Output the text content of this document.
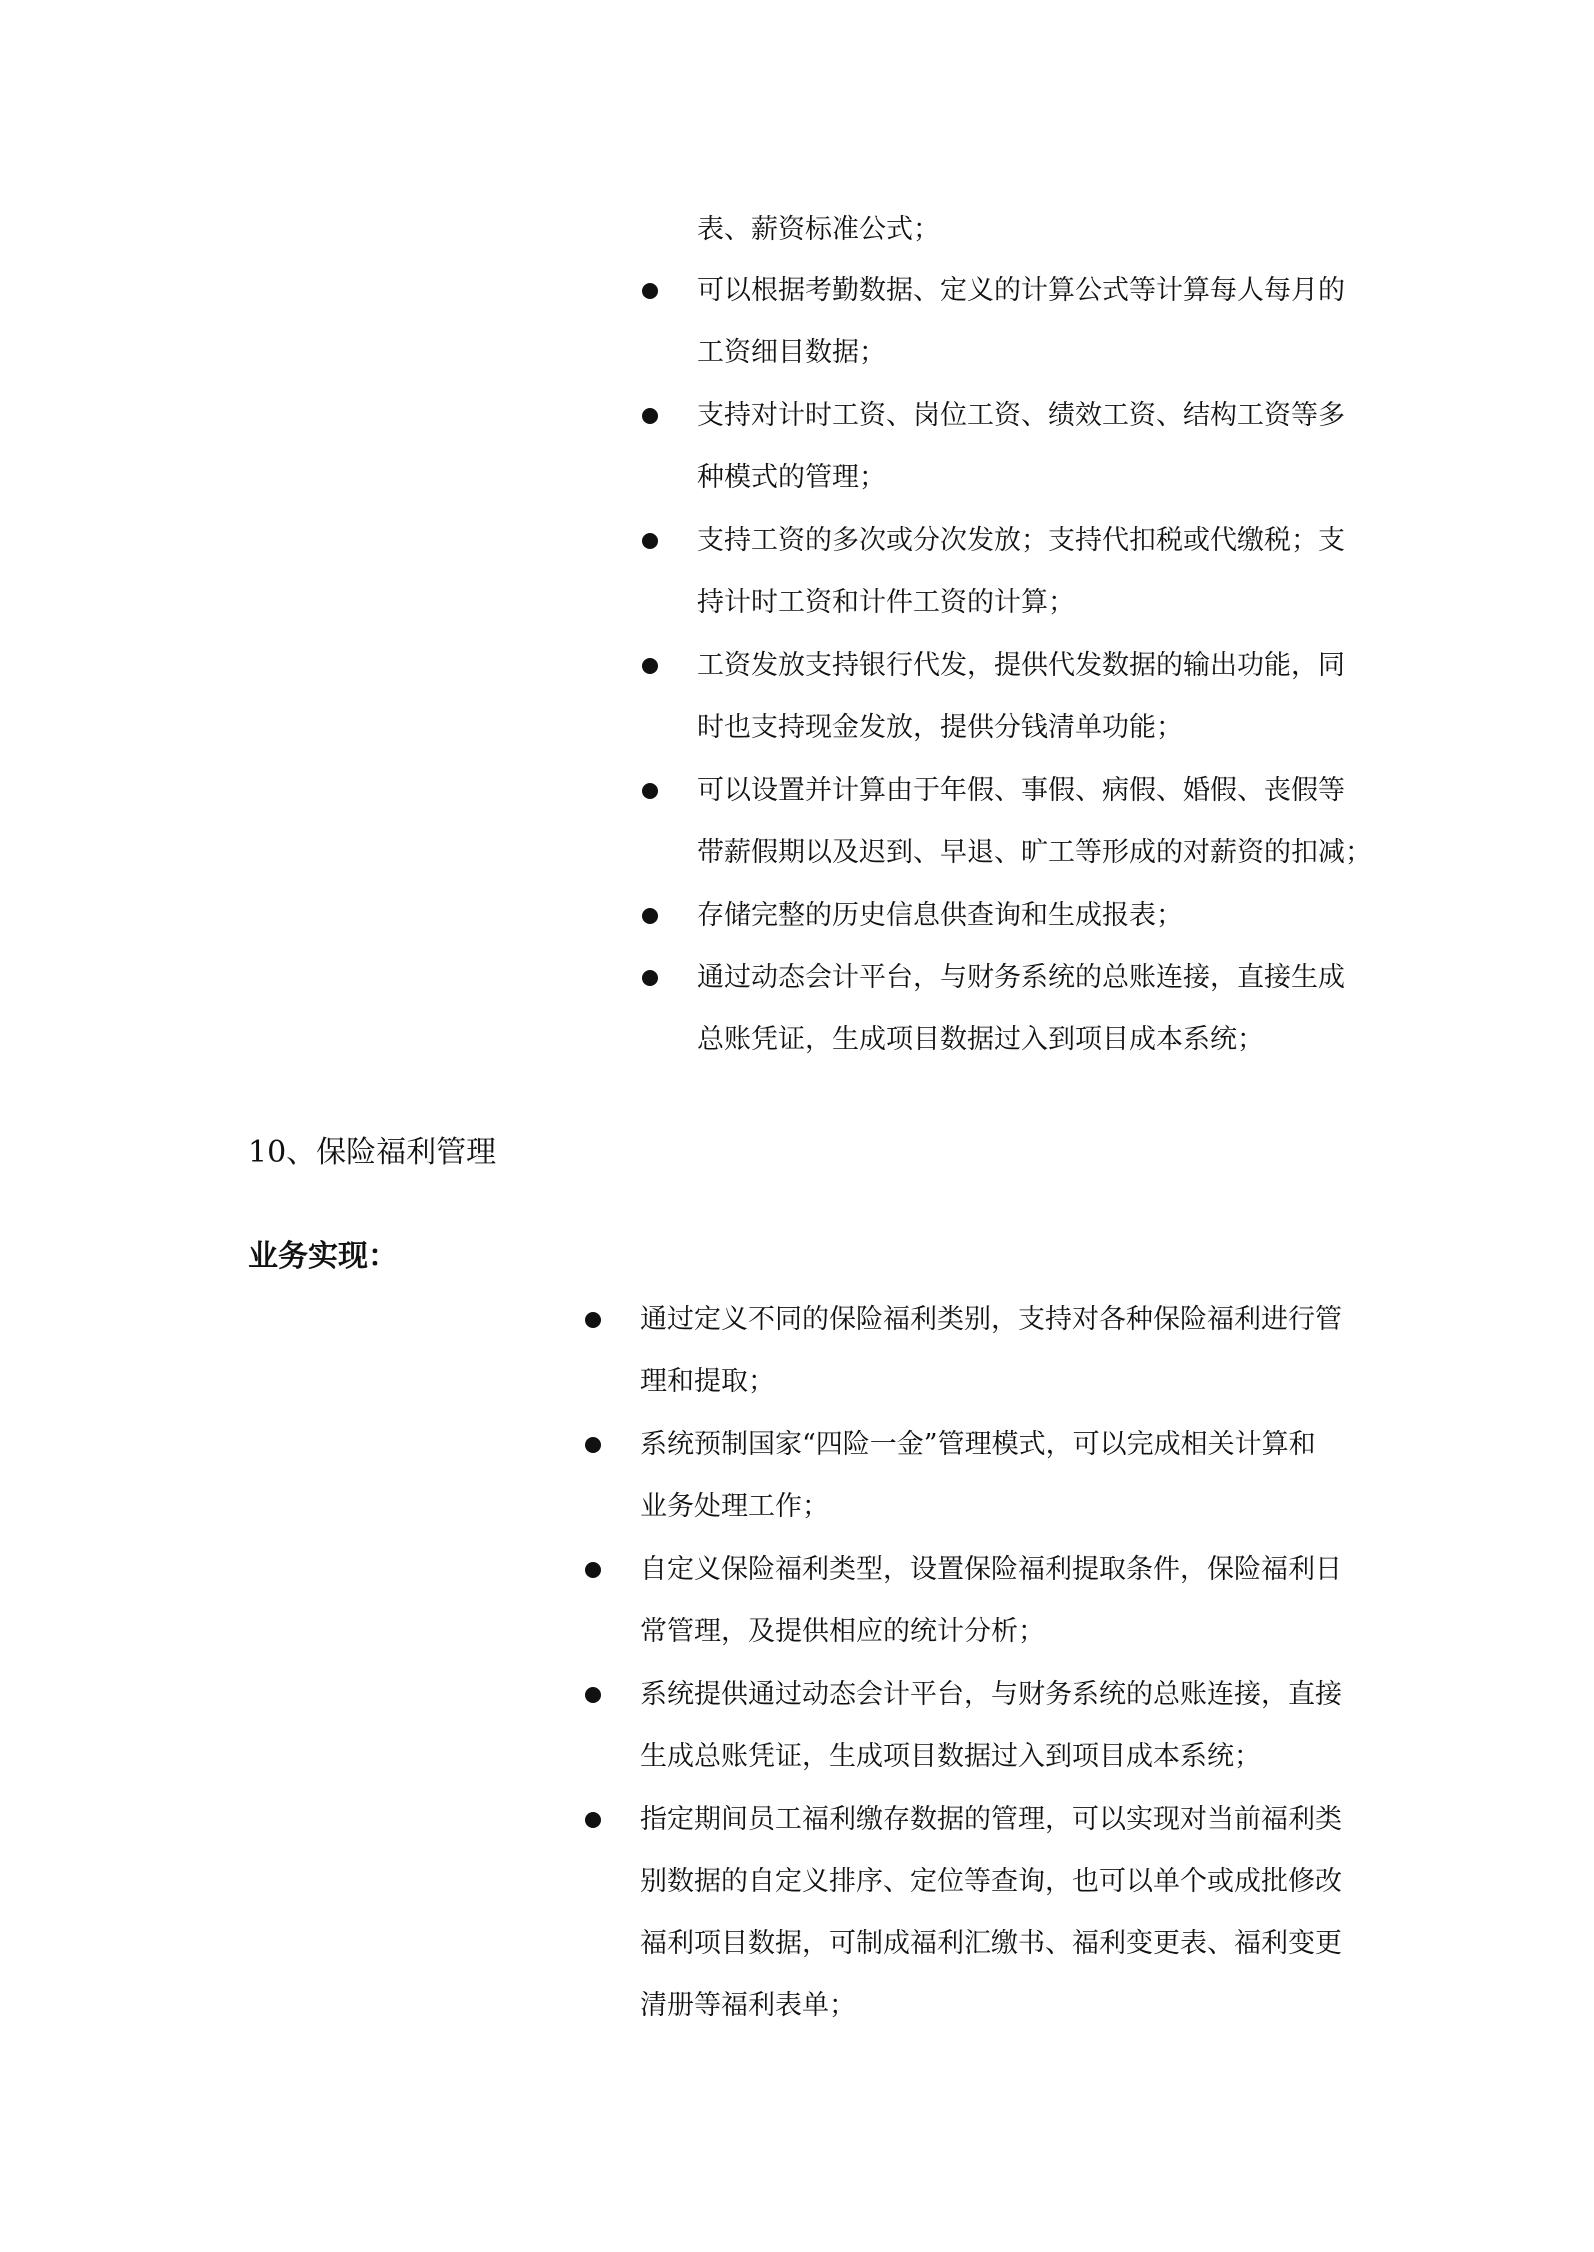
表、薪资标准公式；
可以根据考勤数据、定义的计算公式等计算每人每月的
工资细目数据；
支持对计时工资、岗位工资、绩效工资、结构工资等多
种模式的管理；
支持工资的多次或分次发放；支持代扣税或代缴税；支
持计时工资和计件工资的计算；
工资发放支持银行代发，提供代发数据的输出功能，同
时也支持现金发放，提供分钱清单功能；
可以设置并计算由于年假、事假、病假、婚假、丧假等
带薪假期以及迟到、早退、旷工等形成的对薪资的扣减；
存储完整的历史信息供查询和生成报表；
通过动态会计平台，与财务系统的总账连接，直接生成
总账凭证，生成项目数据过入到项目成本系统；
10、保险福利管理
业务实现：
通过定义不同的保险福利类别，支持对各种保险福利进行管
理和提取；
系统预制国家“四险一金”管理模式，可以完成相关计算和
业务处理工作；
自定义保险福利类型，设置保险福利提取条件，保险福利日
常管理，及提供相应的统计分析；
系统提供通过动态会计平台，与财务系统的总账连接，直接
生成总账凭证，生成项目数据过入到项目成本系统；
指定期间员工福利缴存数据的管理，可以实现对当前福利类
别数据的自定义排序、定位等查询，也可以单个或成批修改
福利项目数据，可制成福利汇缴书、福利变更表、福利变更
清册等福利表单；
